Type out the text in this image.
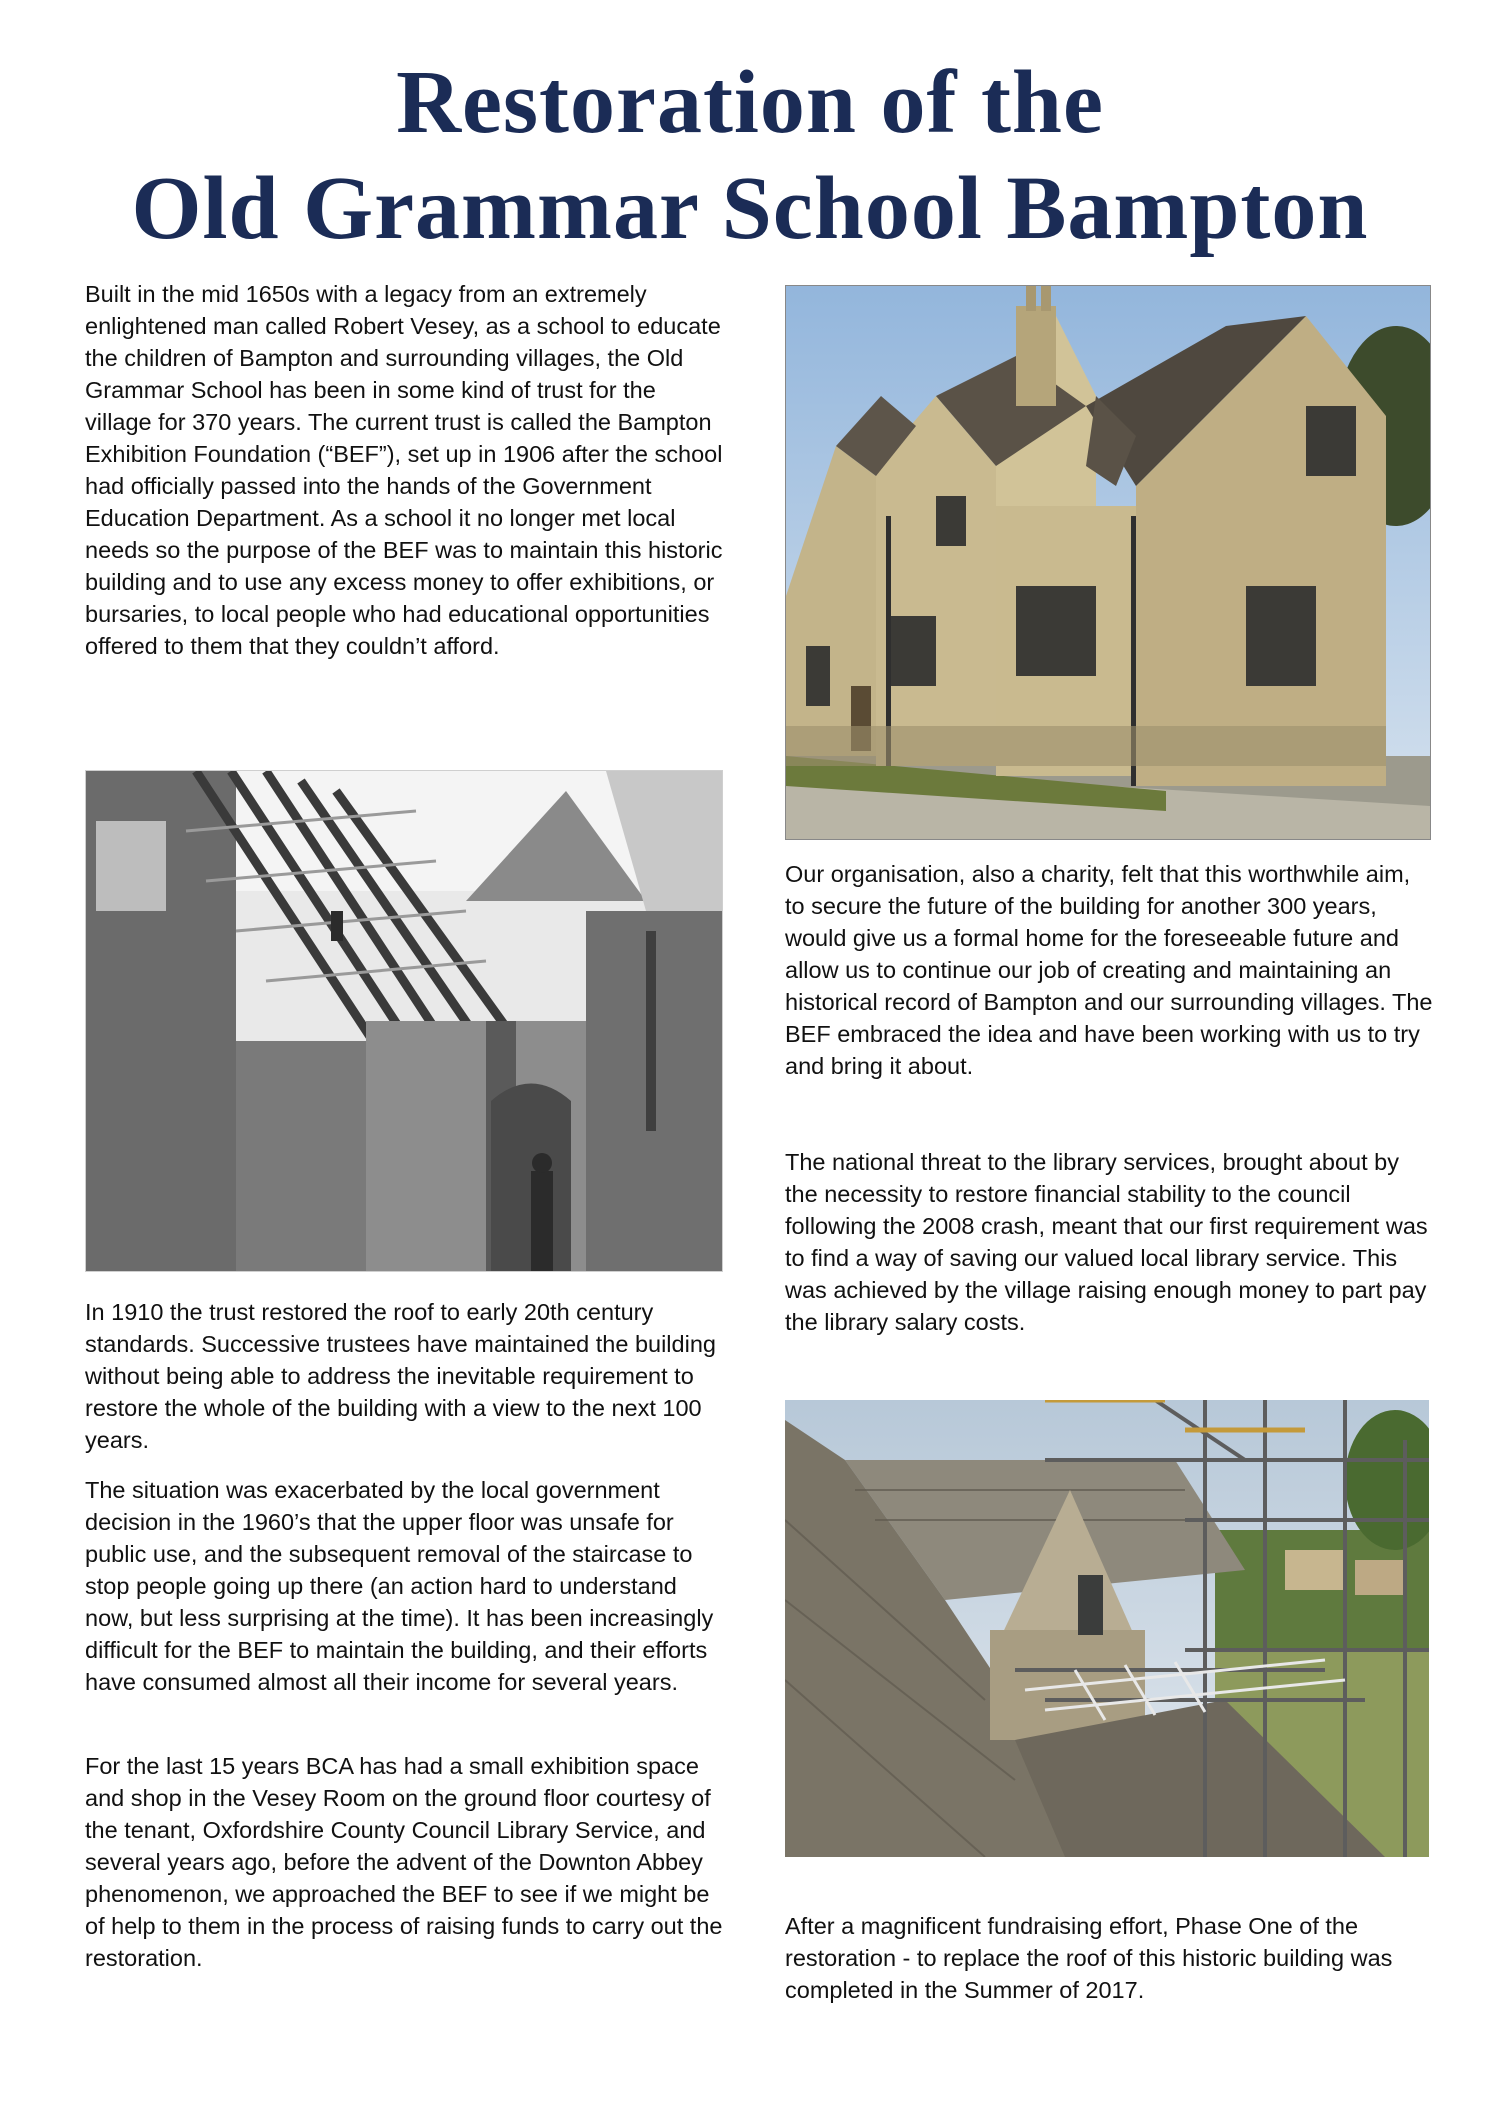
Restoration of the
Old Grammar School Bampton

Built in the mid 1650s with a legacy from an extremely enlightened man called Robert Vesey, as a school to educate the children of Bampton and surrounding villages, the Old Grammar School has been in some kind of trust for the village for 370 years. The current trust is called the Bampton Exhibition Foundation (“BEF”), set up in 1906 after the school had officially passed into the hands of the Government Education Department. As a school it no longer met local needs so the purpose of the BEF was to maintain this historic building and to use any excess money to offer exhibitions, or bursaries, to local people who had educational opportunities offered to them that they couldn’t afford.

In 1910 the trust restored the roof to early 20th century standards. Successive trustees have maintained the building without being able to address the inevitable requirement to restore the whole of the building with a view to the next 100 years.

The situation was exacerbated by the local government decision in the 1960’s that the upper floor was unsafe for public use, and the subsequent removal of the staircase to stop people going up there (an action hard to understand now, but less surprising at the time). It has been increasingly difficult for the BEF to maintain the building, and their efforts have consumed almost all their income for several years.

For the last 15 years BCA has had a small exhibition space and shop in the Vesey Room on the ground floor courtesy of the tenant, Oxfordshire County Council Library Service, and several years ago, before the advent of the Downton Abbey phenomenon, we approached the BEF to see if we might be of help to them in the process of raising funds to carry out the restoration.

Our organisation, also a charity, felt that this worthwhile aim, to secure the future of the building for another 300 years, would give us a formal home for the foreseeable future and allow us to continue our job of creating and maintaining an historical record of Bampton and our surrounding villages. The BEF embraced the idea and have been working with us to try and bring it about.

The national threat to the library services, brought about by the necessity to restore financial stability to the council following the 2008 crash, meant that our first requirement was to find a way of saving our valued local library service. This was achieved by the village raising enough money to part pay the library salary costs.

After a magnificent fundraising effort, Phase One of the restoration - to replace the roof of this historic building was completed in the Summer of 2017.
